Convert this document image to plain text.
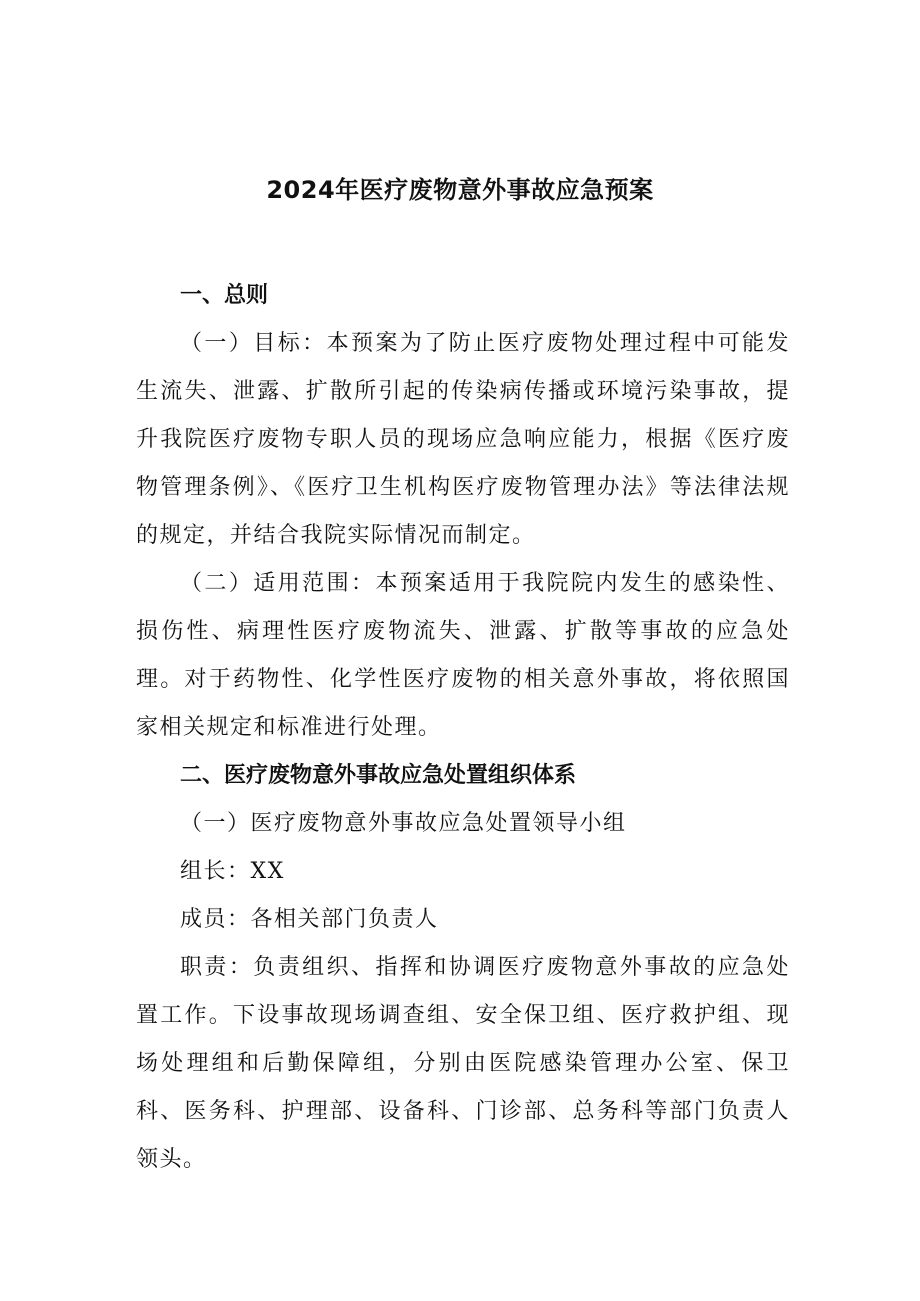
2024年医疗废物意外事故应急预案
一、总则

（一）目标：本预案为了防止医疗废物处理过程中可能发生流失、泄露、扩散所引起的传染病传播或环境污染事故，提升我院医疗废物专职人员的现场应急响应能力，根据《医疗废物管理条例》、《医疗卫生机构医疗废物管理办法》等法律法规的规定，并结合我院实际情况而制定。

（二）适用范围：本预案适用于我院院内发生的感染性、损伤性、病理性医疗废物流失、泄露、扩散等事故的应急处理。对于药物性、化学性医疗废物的相关意外事故，将依照国家相关规定和标准进行处理。

二、医疗废物意外事故应急处置组织体系

（一）医疗废物意外事故应急处置领导小组

组长：XX

成员：各相关部门负责人

职责：负责组织、指挥和协调医疗废物意外事故的应急处置工作。下设事故现场调查组、安全保卫组、医疗救护组、现场处理组和后勤保障组，分别由医院感染管理办公室、保卫科、医务科、护理部、设备科、门诊部、总务科等部门负责人领头。
